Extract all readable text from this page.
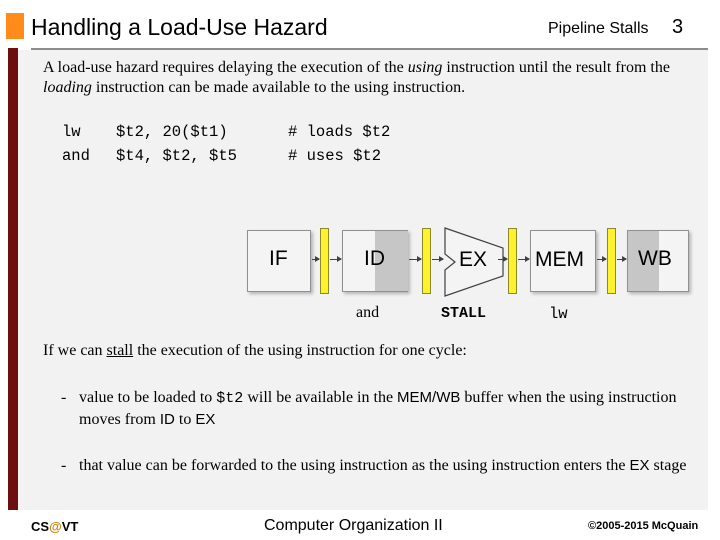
Handling a Load-Use Hazard	Pipeline Stalls 3
A load-use hazard requires delaying the execution of the using instruction until the result from the loading instruction can be made available to the using instruction.
lw $t2, 20($t1)	# loads $t2
and $t4, $t2, $t5	# uses $t2
IF	ID	EX MEM	WB
and	STALL	lw
If we can stall the execution of the using instruction for one cycle:
- value to be loaded to $t2 will be available in the MEM/WB buffer when the using instruction moves from ID to EX
- that value can be forwarded to the using instruction as the using instruction enters the EX stage
CS@VT	Computer Organization II	©2005-2015 McQuain
